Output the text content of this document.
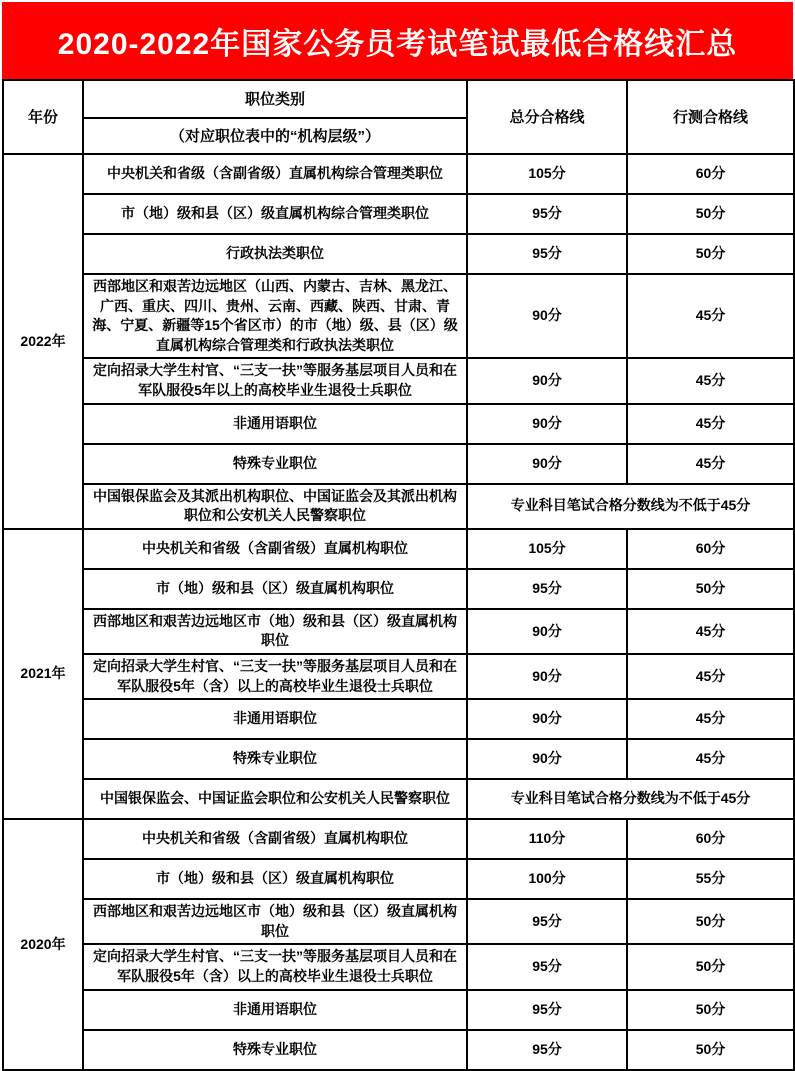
2020-2022年国家公务员考试笔试最低合格线汇总
年份	职位类别	总分合格线	行测合格线
	（对应职位表中的“机构层级”）		
2022年	中央机关和省级（含副省级）直属机构综合管理类职位	105分	60分
	市（地）级和县（区）级直属机构综合管理类职位	95分	50分
	行政执法类职位	95分	50分
	西部地区和艰苦边远地区（山西、内蒙古、吉林、黑龙江、广西、重庆、四川、贵州、云南、西藏、陕西、甘肃、青海、宁夏、新疆等15个省区市）的市（地）级、县（区）级直属机构综合管理类和行政执法类职位	90分	45分
	定向招录大学生村官、“三支一扶”等服务基层项目人员和在军队服役5年以上的高校毕业生退役士兵职位	90分	45分
	非通用语职位	90分	45分
	特殊专业职位	90分	45分
	中国银保监会及其派出机构职位、中国证监会及其派出机构职位和公安机关人民警察职位	专业科目笔试合格分数线为不低于45分	
2021年	中央机关和省级（含副省级）直属机构职位	105分	60分
	市（地）级和县（区）级直属机构职位	95分	50分
	西部地区和艰苦边远地区市（地）级和县（区）级直属机构职位	90分	45分
	定向招录大学生村官、“三支一扶”等服务基层项目人员和在军队服役5年（含）以上的高校毕业生退役士兵职位	90分	45分
	非通用语职位	90分	45分
	特殊专业职位	90分	45分
	中国银保监会、中国证监会职位和公安机关人民警察职位	专业科目笔试合格分数线为不低于45分	
2020年	中央机关和省级（含副省级）直属机构职位	110分	60分
	市（地）级和县（区）级直属机构职位	100分	55分
	西部地区和艰苦边远地区市（地）级和县（区）级直属机构职位	95分	50分
	定向招录大学生村官、“三支一扶”等服务基层项目人员和在军队服役5年（含）以上的高校毕业生退役士兵职位	95分	50分
	非通用语职位	95分	50分
	特殊专业职位	95分	50分
